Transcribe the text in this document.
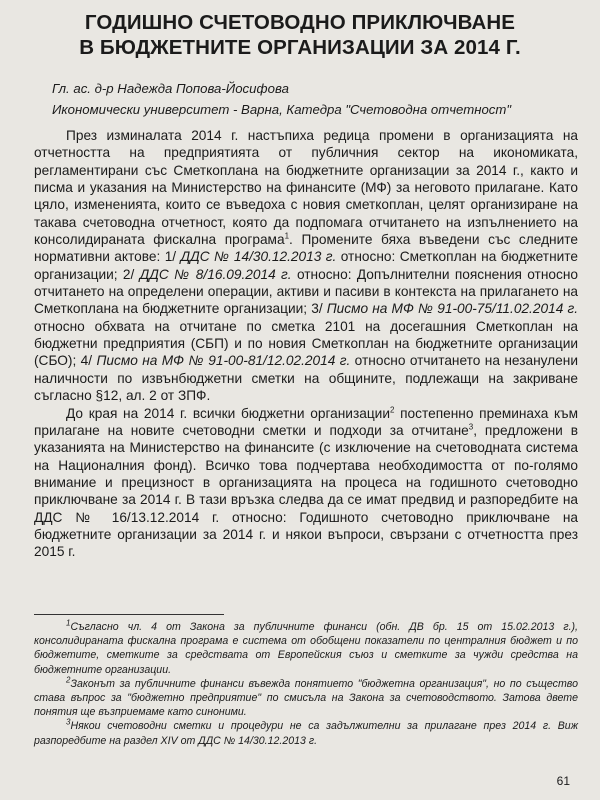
ГОДИШНО СЧЕТОВОДНО ПРИКЛЮЧВАНЕ
В БЮДЖЕТНИТЕ ОРГАНИЗАЦИИ ЗА 2014 Г.
Гл. ас. д-р Надежда Попова-Йосифова
Икономически университет - Варна, Катедра "Счетоводна отчетност"

През изминалата 2014 г. настъпиха редица промени в организацията на отчетността на предприятията от публичния сектор на икономиката, регламентирани със Сметкоплана на бюджетните организации за 2014 г., както и писма и указания на Министерство на финансите (МФ) за неговото прилагане. Като цяло, измененията, които се въведоха с новия сметкоплан, целят организиране на такава счетоводна отчетност, която да подпомага отчитането на изпълнението на консолидираната фискална програма$^1$. Промените бяха въведени със следните нормативни актове: 1/ ДДС № 14/30.12.2013 г. относно: Сметкоплан на бюджетните организации; 2/ ДДС № 8/16.09.2014 г. относно: Допълнителни пояснения относно отчитането на определени операции, активи и пасиви в контекста на прилагането на Сметкоплана на бюджетните организации; 3/ Писмо на МФ № 91-00-75/11.02.2014 г. относно обхвата на отчитане по сметка 2101 на досегашния Сметкоплан на бюджетни предприятия (СБП) и по новия Сметкоплан на бюджетните организации (СБО); 4/ Писмо на МФ № 91-00-81/12.02.2014 г. относно отчитането на незанулени наличности по извънбюджетни сметки на общините, подлежащи на закриване съгласно §12, ал. 2 от ЗПФ.

До края на 2014 г. всички бюджетни организации$^2$ постепенно преминаха към прилагане на новите счетоводни сметки и подходи за отчитане$^3$, предложени в указанията на Министерство на финансите (с изключение на счетоводната система на Националния фонд). Всичко това подчертава необходимостта от по-голямо внимание и прецизност в организацията на процеса на годишното счетоводно приключване за 2014 г. В тази връзка следва да се имат предвид и разпоредбите на ДДС № 16/13.12.2014 г. относно: Годишното счетоводно приключване на бюджетните организации за 2014 г. и някои въпроси, свързани с отчетността през 2015 г.

$^1$Съгласно чл. 4 от Закона за публичните финанси (обн. ДВ бр. 15 от 15.02.2013 г.), консолидираната фискална програма е система от обобщени показатели по централния бюджет и по бюджетите, сметките за средствата от Европейския съюз и сметките за чужди средства на бюджетните организации.

$^2$Законът за публичните финанси въвежда понятието "бюджетна организация", но по същество става въпрос за "бюджетно предприятие" по смисъла на Закона за счетоводството. Затова двете понятия ще възприемаме като синоними.

$^3$Някои счетоводни сметки и процедури не са задължителни за прилагане през 2014 г. Виж разпоредбите на раздел XIV от ДДС № 14/30.12.2013 г.

61
